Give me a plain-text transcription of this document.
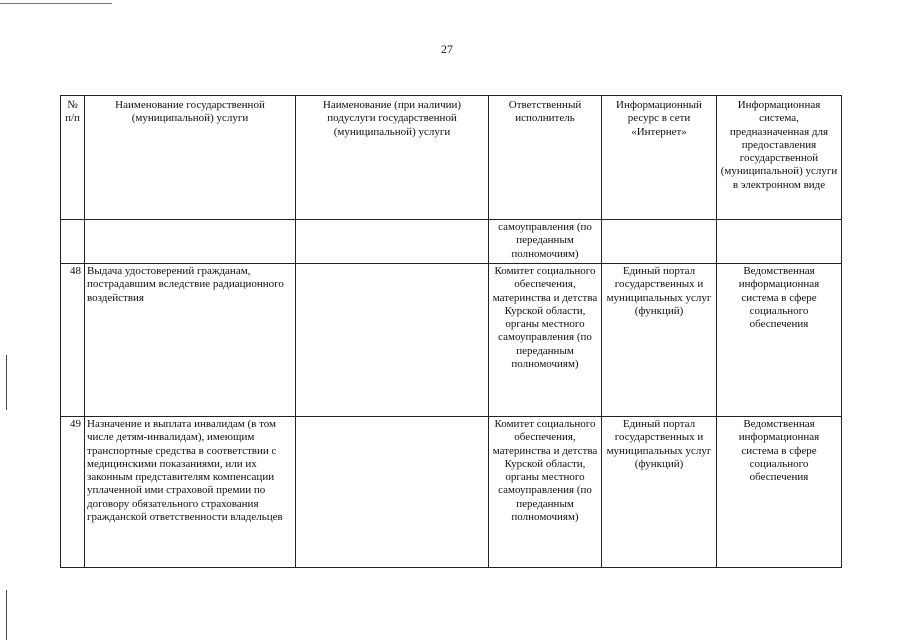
27
№ п/п	Наименование государственной (муниципальной) услуги	Наименование (при наличии) подуслуги государственной (муниципальной) услуги	Ответственный исполнитель	Информационный ресурс в сети «Интернет»	Информационная система, предназначенная для предоставления государственной (муниципальной) услуги в электронном виде
			самоуправления (по переданным полномочиям)		
48	Выдача удостоверений гражданам, пострадавшим вследствие радиационного воздействия		Комитет социального обеспечения, материнства и детства Курской области, органы местного самоуправления (по переданным полномочиям)	Единый портал государственных и муниципальных услуг (функций)	Ведомственная информационная система в сфере социального обеспечения
49	Назначение и выплата инвалидам (в том числе детям-инвалидам), имеющим транспортные средства в соответствии с медицинскими показаниями, или их законным представителям компенсации уплаченной ими страховой премии по договору обязательного страхования гражданской ответственности владельцев		Комитет социального обеспечения, материнства и детства Курской области, органы местного самоуправления (по переданным полномочиям)	Единый портал государственных и муниципальных услуг (функций)	Ведомственная информационная система в сфере социального обеспечения
